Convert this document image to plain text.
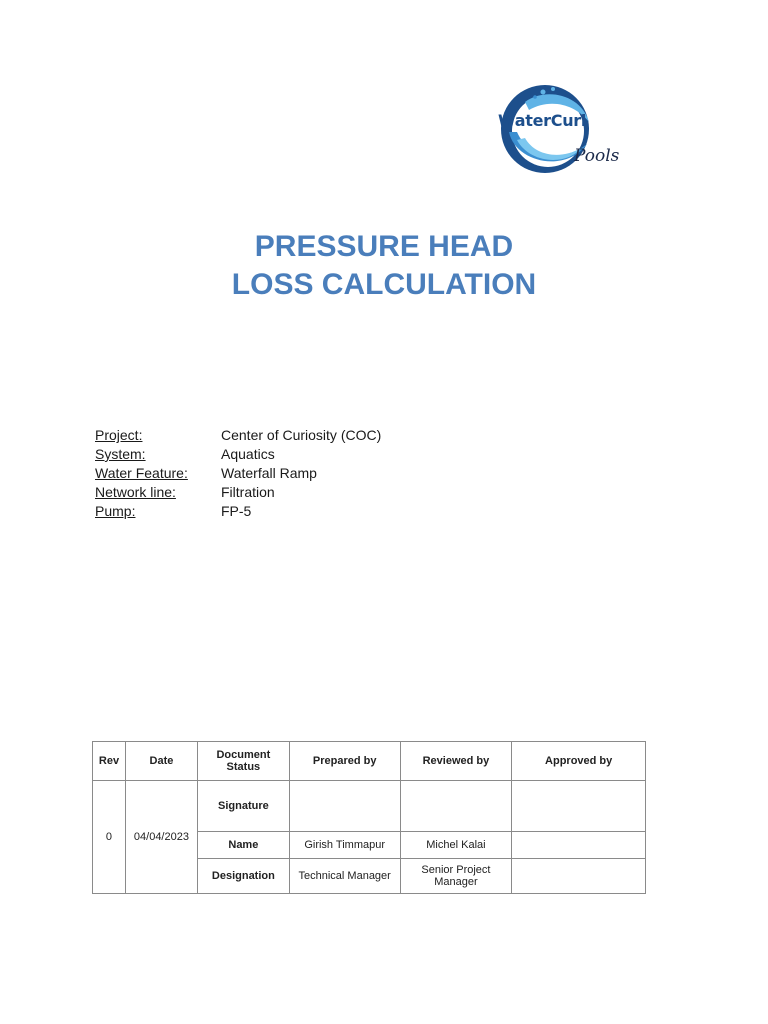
WaterCurl
Pools
PRESSURE HEAD
LOSS CALCULATION
Project:	Center of Curiosity (COC)
System:	Aquatics
Water Feature:	Waterfall Ramp
Network line:	Filtration
Pump:	FP-5
Rev	Date	Document Status	Prepared by	Reviewed by	Approved by
0	04/04/2023	Signature			
		Name	Girish Timmapur	Michel Kalai	
		Designation	Technical Manager	Senior Project Manager	
